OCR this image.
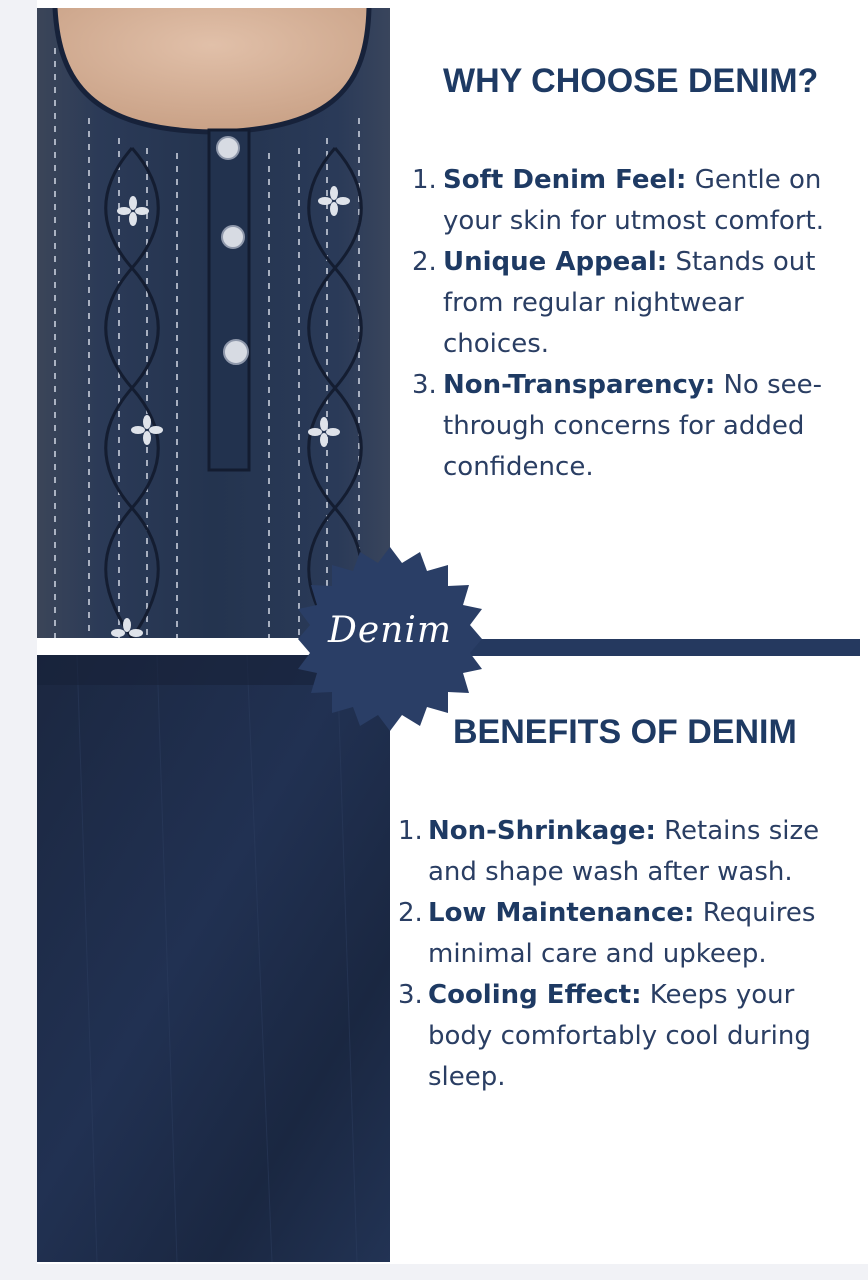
Denim
WHY CHOOSE DENIM?
1. Soft Denim Feel: Gentle on your skin for utmost comfort.
2. Unique Appeal: Stands out from regular nightwear choices.
3. Non-Transparency: No see-through concerns for added confidence.
BENEFITS OF DENIM
1. Non-Shrinkage: Retains size and shape wash after wash.
2. Low Maintenance: Requires minimal care and upkeep.
3. Cooling Effect: Keeps your body comfortably cool during sleep.
